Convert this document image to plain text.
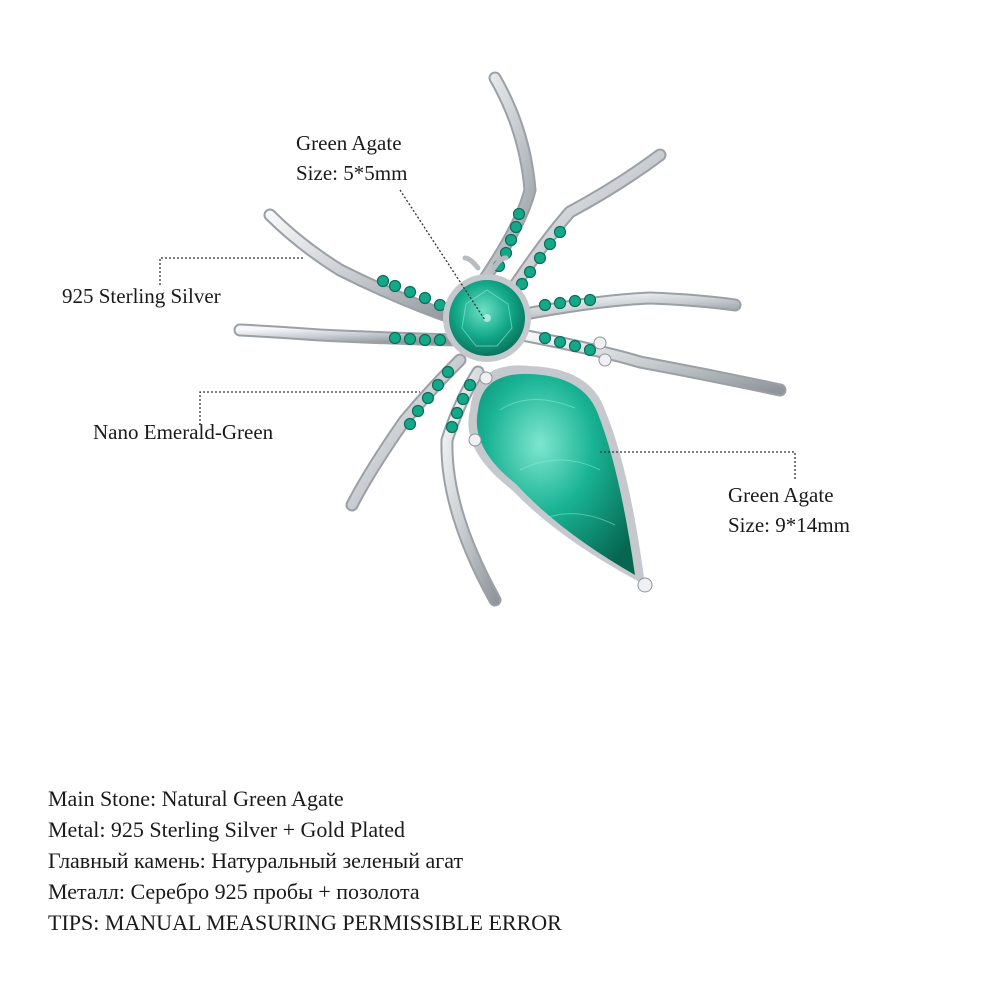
Green Agate
Size: 5*5mm
925 Sterling Silver
Nano Emerald-Green
Green Agate
Size: 9*14mm
Main Stone: Natural Green Agate
Metal: 925 Sterling Silver + Gold Plated
Главный камень: Натуральный зеленый агат
Металл: Серебро 925 пробы + позолота
TIPS: MANUAL MEASURING PERMISSIBLE ERROR
